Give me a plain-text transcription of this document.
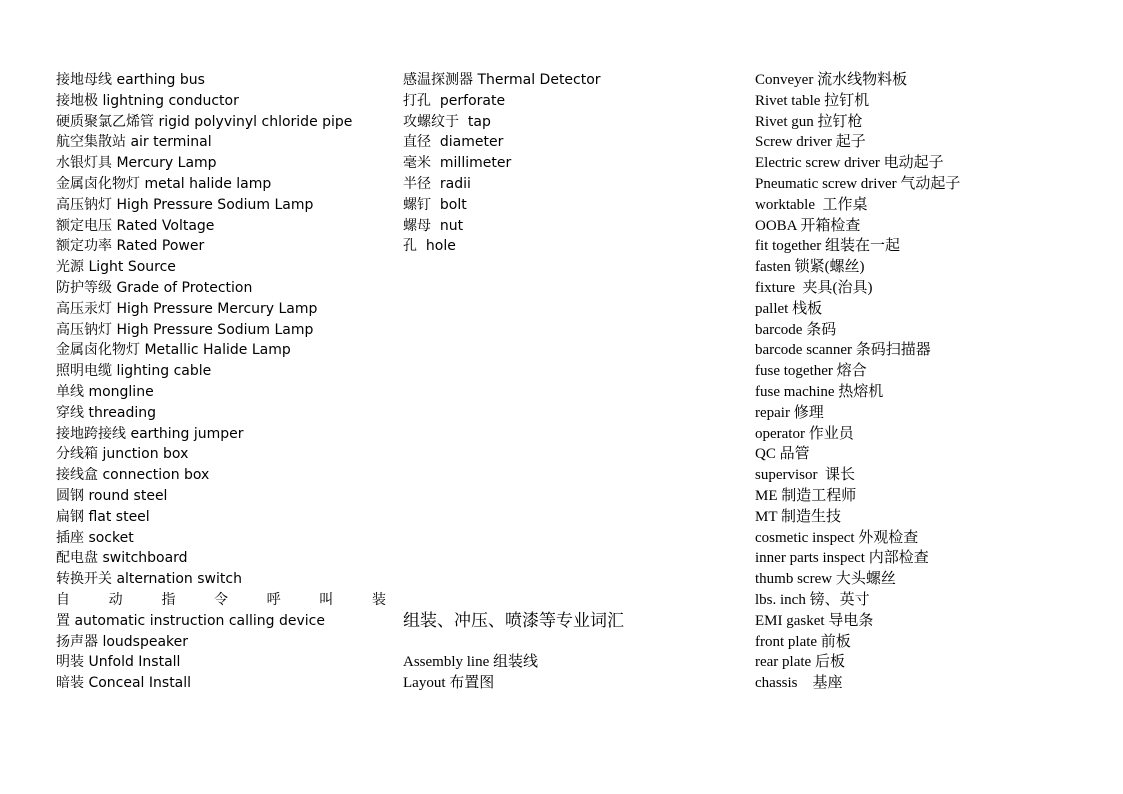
接地母线 earthing bus
接地极 lightning conductor
硬质聚氯乙烯管 rigid polyvinyl chloride pipe
航空集散站 air terminal
水银灯具 Mercury Lamp
金属卤化物灯 metal halide lamp
高压钠灯 High Pressure Sodium Lamp
额定电压 Rated Voltage
额定功率 Rated Power
光源 Light Source
防护等级 Grade of Protection
高压汞灯 High Pressure Mercury Lamp
高压钠灯 High Pressure Sodium Lamp
金属卤化物灯 Metallic Halide Lamp
照明电缆 lighting cable
单线 mongline
穿线 threading
接地跨接线 earthing jumper
分线箱 junction box
接线盒 connection box
圆钢 round steel
扁钢 flat steel
插座 socket
配电盘 switchboard
转换开关 alternation switch
自	动	指	令	呼	叫	装
置 automatic instruction calling device
扬声器 loudspeaker
明装 Unfold Install
暗装 Conceal Install
感温探测器 Thermal Detector
打孔  perforate
攻螺纹于  tap
直径  diameter
毫米  millimeter
半径  radii
螺钉  bolt
螺母  nut
孔  hole
组装、冲压、喷漆等专业词汇
Assembly line 组装线
Layout 布置图
Conveyer 流水线物料板
Rivet table 拉钉机
Rivet gun 拉钉枪
Screw driver 起子
Electric screw driver 电动起子
Pneumatic screw driver 气动起子
worktable  工作桌
OOBA 开箱检查
fit together 组装在一起
fasten 锁紧(螺丝)
fixture  夹具(治具)
pallet 栈板
barcode 条码
barcode scanner 条码扫描器
fuse together 熔合
fuse machine 热熔机
repair 修理
operator 作业员
QC 品管
supervisor  课长
ME 制造工程师
MT 制造生技
cosmetic inspect 外观检查
inner parts inspect 内部检查
thumb screw 大头螺丝
lbs. inch 镑、英寸
EMI gasket 导电条
front plate 前板
rear plate 后板
chassis    基座
